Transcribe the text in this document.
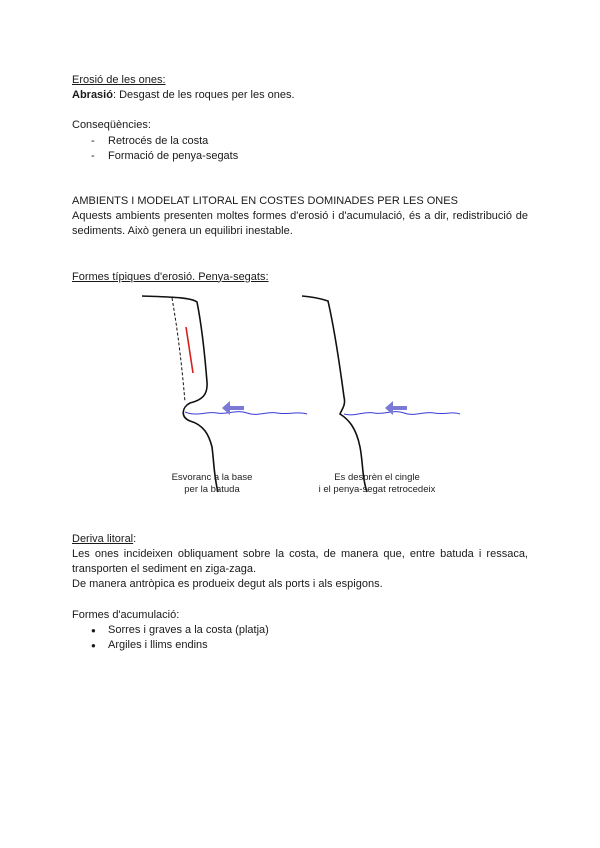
Erosió de les ones:

Abrasió: Desgast de les roques per les ones.

Conseqüències:

- Retrocés de la costa
- Formació de penya-segats

AMBIENTS I MODELAT LITORAL EN COSTES DOMINADES PER LES ONES

Aquests ambients presenten moltes formes d'erosió i d'acumulació, és a dir, redistribució de sediments. Això genera un equilibri inestable.

Formes típiques d'erosió. Penya-segats:

Esvoranc a la base
per la batuda
Es desprèn el cingle
i el penya-segat retrocedeix

Deriva litoral:

Les ones incideixen obliquament sobre la costa, de manera que, entre batuda i ressaca, transporten el sediment en ziga-zaga.

De manera antròpica es produeix degut als ports i als espigons.

Formes d'acumulació:

● Sorres i graves a la costa (platja)
● Argiles i llims endins
